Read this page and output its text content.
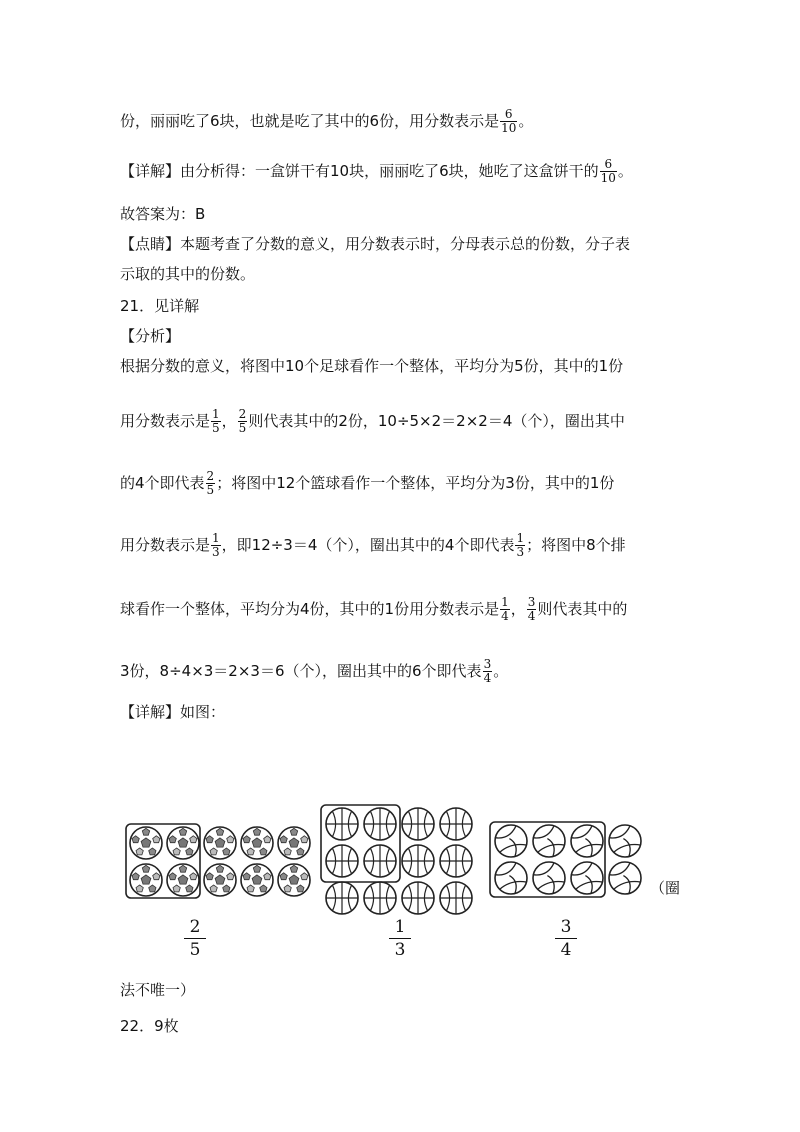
份，丽丽吃了6块，也就是吃了其中的6份，用分数表示是 $\frac{6}{10}$ 。
【详解】由分析得：一盒饼干有10块，丽丽吃了6块，她吃了这盒饼干的 $\frac{6}{10}$ 。
故答案为：B
【点睛】本题考查了分数的意义，用分数表示时，分母表示总的份数，分子表
示取的其中的份数。
21．见详解
【分析】
根据分数的意义，将图中10个足球看作一个整体，平均分为5份，其中的1份
用分数表示是 $\frac{1}{5}$ ， $\frac{2}{5}$ 则代表其中的2份，10÷5×2＝2×2＝4（个），圈出其中
的4个即代表 $\frac{2}{5}$ ；将图中12个篮球看作一个整体，平均分为3份，其中的1份
用分数表示是 $\frac{1}{3}$ ，即12÷3＝4（个），圈出其中的4个即代表 $\frac{1}{3}$ ；将图中8个排
球看作一个整体，平均分为4份，其中的1份用分数表示是 $\frac{1}{4}$ ， $\frac{3}{4}$ 则代表其中的
3份，8÷4×3＝2×3＝6（个），圈出其中的6个即代表 $\frac{3}{4}$ 。
【详解】如图：
（圈
$\frac{2}{5}$	$\frac{1}{3}$	$\frac{3}{4}$
法不唯一）
22．9枚
